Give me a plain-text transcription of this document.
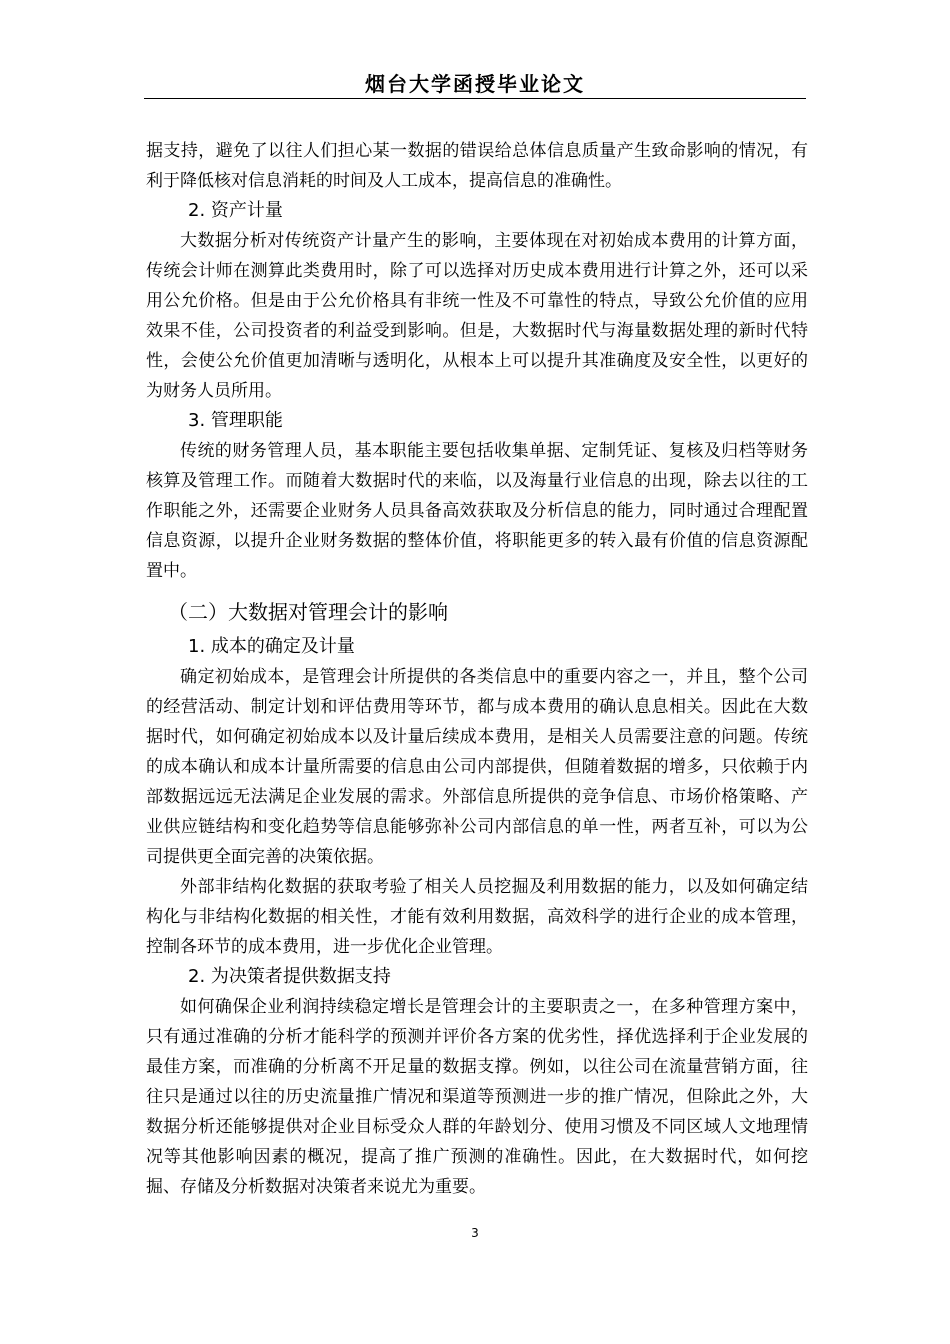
烟台大学函授毕业论文

据支持，避免了以往人们担心某一数据的错误给总体信息质量产生致命影响的情况，有利于降低核对信息消耗的时间及人工成本，提高信息的准确性。

2. 资产计量

大数据分析对传统资产计量产生的影响，主要体现在对初始成本费用的计算方面，传统会计师在测算此类费用时，除了可以选择对历史成本费用进行计算之外，还可以采用公允价格。但是由于公允价格具有非统一性及不可靠性的特点，导致公允价值的应用效果不佳，公司投资者的利益受到影响。但是，大数据时代与海量数据处理的新时代特性，会使公允价值更加清晰与透明化，从根本上可以提升其准确度及安全性，以更好的为财务人员所用。

3. 管理职能

传统的财务管理人员，基本职能主要包括收集单据、定制凭证、复核及归档等财务核算及管理工作。而随着大数据时代的来临，以及海量行业信息的出现，除去以往的工作职能之外，还需要企业财务人员具备高效获取及分析信息的能力，同时通过合理配置信息资源，以提升企业财务数据的整体价值，将职能更多的转入最有价值的信息资源配置中。

（二）大数据对管理会计的影响
1. 成本的确定及计量

确定初始成本，是管理会计所提供的各类信息中的重要内容之一，并且，整个公司的经营活动、制定计划和评估费用等环节，都与成本费用的确认息息相关。因此在大数据时代，如何确定初始成本以及计量后续成本费用，是相关人员需要注意的问题。传统的成本确认和成本计量所需要的信息由公司内部提供，但随着数据的增多，只依赖于内部数据远远无法满足企业发展的需求。外部信息所提供的竞争信息、市场价格策略、产业供应链结构和变化趋势等信息能够弥补公司内部信息的单一性，两者互补，可以为公司提供更全面完善的决策依据。

外部非结构化数据的获取考验了相关人员挖掘及利用数据的能力，以及如何确定结构化与非结构化数据的相关性，才能有效利用数据，高效科学的进行企业的成本管理，控制各环节的成本费用，进一步优化企业管理。

2. 为决策者提供数据支持

如何确保企业利润持续稳定增长是管理会计的主要职责之一，在多种管理方案中，只有通过准确的分析才能科学的预测并评价各方案的优劣性，择优选择利于企业发展的最佳方案，而准确的分析离不开足量的数据支撑。例如，以往公司在流量营销方面，往往只是通过以往的历史流量推广情况和渠道等预测进一步的推广情况，但除此之外，大数据分析还能够提供对企业目标受众人群的年龄划分、使用习惯及不同区域人文地理情况等其他影响因素的概况，提高了推广预测的准确性。因此，在大数据时代，如何挖掘、存储及分析数据对决策者来说尤为重要。

3
